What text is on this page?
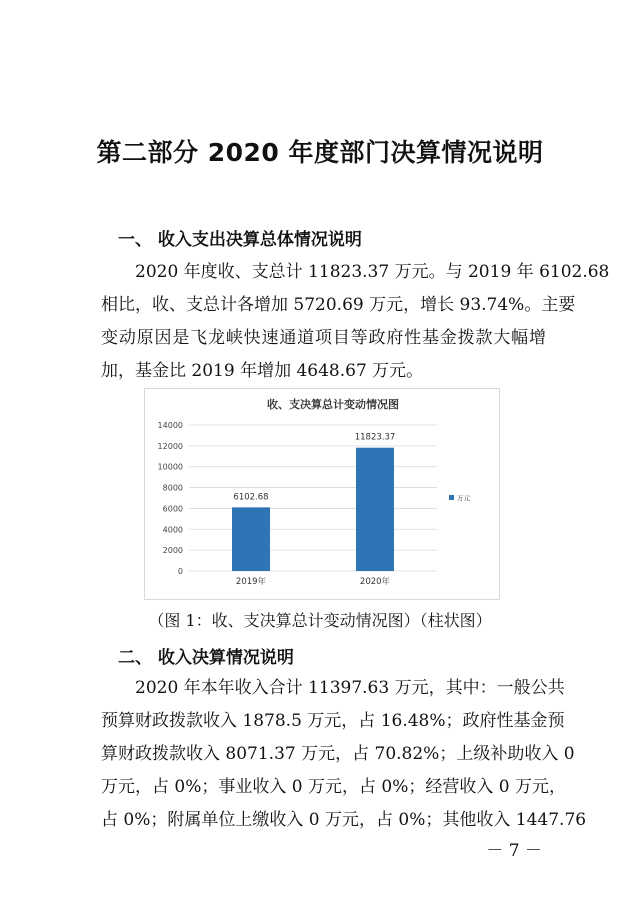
第二部分 2020 年度部门决算情况说明
一、 收入支出决算总体情况说明
2020 年度收、支总计 11823.37 万元。与 2019 年 6102.68
相比，收、支总计各增加 5720.69 万元，增长 93.74%。主要
变动原因是飞龙峡快速通道项目等政府性基金拨款大幅增
加，基金比 2019 年增加 4648.67 万元。
收、支决算总计变动情况图
0
2000
4000
6000
8000
10000
12000
14000
6102.68
2019年
11823.37
2020年
万元
（图 1：收、支决算总计变动情况图）（柱状图）
二、 收入决算情况说明
2020 年本年收入合计 11397.63 万元，其中：一般公共
预算财政拨款收入 1878.5 万元，占 16.48%；政府性基金预
算财政拨款收入 8071.37 万元，占 70.82%；上级补助收入 0
万元，占 0%；事业收入 0 万元，占 0%；经营收入 0 万元，
占 0%；附属单位上缴收入 0 万元，占 0%；其他收入 1447.76
－ 7 －
